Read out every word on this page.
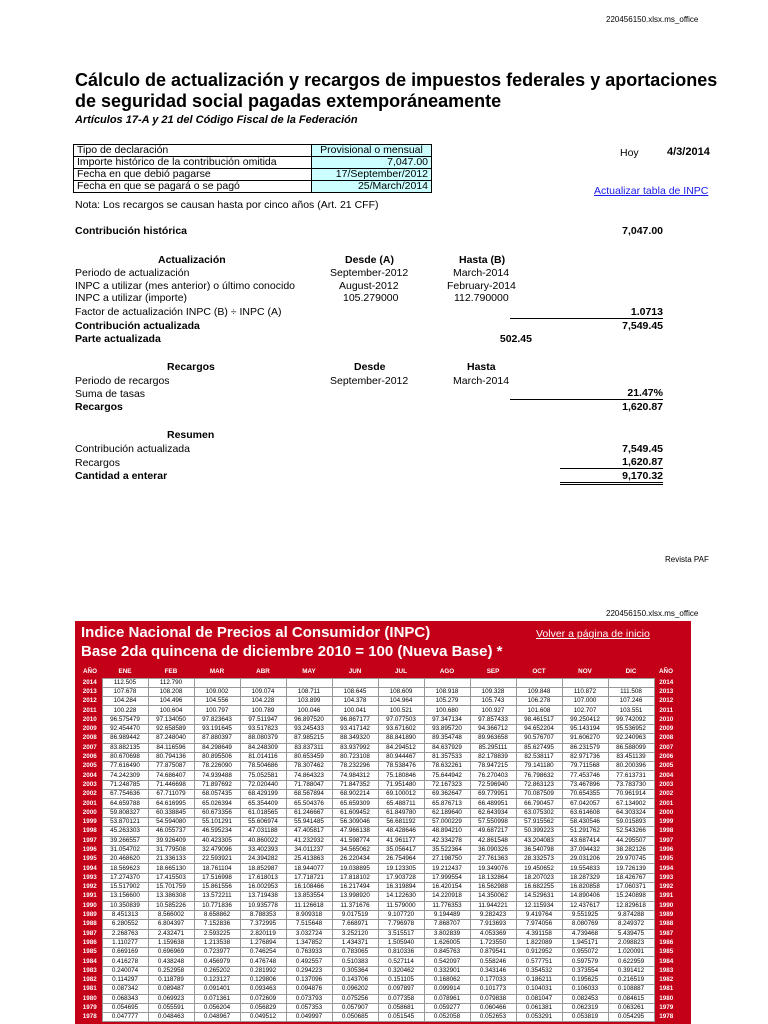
220456150.xlsx.ms_office
Cálculo de actualización y recargos de impuestos federales y aportaciones de seguridad social pagadas extemporáneamente
Artículos 17-A y 21 del Código Fiscal de la Federación
Tipo de declaración	Provisional o mensual
Importe histórico de la contribución omitida	7,047.00
Fecha en que debió pagarse	17/September/2012
Fecha en que se pagará o se pagó	25/March/2014
Hoy	4/3/2014
Actualizar tabla de INPC
Nota: Los recargos se causan hasta por cinco años (Art. 21 CFF)
Contribución histórica	7,047.00
Actualización	Desde (A)	Hasta (B)
Periodo de actualización	September-2012	March-2014
INPC a utilizar (mes anterior) o último conocido	August-2012	February-2014
INPC a utilizar (importe)	105.279000	112.790000
Factor de actualización INPC (B) ÷ INPC (A)	1.0713
Contribución actualizada	7,549.45
Parte actualizada	502.45
Recargos	Desde	Hasta
Periodo de recargos	September-2012	March-2014
Suma de tasas	21.47%
Recargos	1,620.87
Resumen
Contribución actualizada	7,549.45
Recargos	1,620.87
Cantidad a enterar	9,170.32
Revista PAF
220456150.xlsx.ms_office
Indice Nacional de Precios al Consumidor (INPC)
Base 2da quincena de diciembre 2010 = 100 (Nueva Base) *
Volver a página de inicio
AÑO	ENE	FEB	MAR	ABR	MAY	JUN	JUL	AGO	SEP	OCT	NOV	DIC	AÑO
2014	112.505	112.790											2014
2013	107.678	108.208	109.002	109.074	108.711	108.645	108.609	108.918	109.328	109.848	110.872	111.508	2013
2012	104.284	104.496	104.556	104.228	103.899	104.378	104.964	105.279	105.743	106.278	107.000	107.246	2012
2011	100.228	100.604	100.797	100.789	100.046	100.041	100.521	100.680	100.927	101.608	102.707	103.551	2011
2010	96.575479	97.134050	97.823643	97.511947	96.897520	96.867177	97.077503	97.347134	97.857433	98.461517	99.250412	99.742092	2010
2009	92.454470	92.658589	93.191645	93.517823	93.245433	93.417142	93.671602	93.895720	94.366712	94.652204	95.143194	95.536952	2009
2008	86.989442	87.248040	87.880397	88.080379	87.985215	88.349320	88.841890	89.354748	89.963658	90.576707	91.606270	92.240963	2008
2007	83.882135	84.116596	84.298649	84.248309	83.837311	83.937992	84.294512	84.637929	85.295111	85.627495	86.231579	86.588099	2007
2006	80.670698	80.794136	80.895506	81.014116	80.653459	80.723108	80.944467	81.357533	82.178839	82.538117	82.971736	83.451139	2006
2005	77.616490	77.875087	78.226090	78.504686	78.307462	78.232296	78.538476	78.632261	78.947215	79.141180	79.711568	80.200396	2005
2004	74.242309	74.686407	74.939488	75.052581	74.864323	74.984312	75.180846	75.644942	76.270403	76.798632	77.453746	77.613731	2004
2003	71.248785	71.446698	71.897692	72.020440	71.788047	71.847352	71.951480	72.167323	72.596940	72.863123	73.467896	73.783730	2003
2002	67.754636	67.711079	68.057435	68.429199	68.567894	68.902214	69.100012	69.362647	69.779951	70.087509	70.654355	70.961914	2002
2001	64.659788	64.616995	65.026394	65.354409	65.504376	65.659309	65.488711	65.876713	66.489951	66.790457	67.042057	67.134902	2001
2000	59.808327	60.338845	60.673356	61.018565	61.246667	61.609452	61.849780	62.189640	62.643934	63.075302	63.614608	64.303324	2000
1999	53.870121	54.594080	55.101291	55.606974	55.941485	56.309046	56.681192	57.000229	57.550998	57.915562	58.430546	59.015893	1999
1998	45.263303	46.055737	46.595234	47.031188	47.405817	47.966138	48.428646	48.894210	49.687217	50.399223	51.291762	52.543266	1998
1997	39.266557	39.926409	40.423305	40.860022	41.232932	41.598774	41.961177	42.334278	42.861548	43.204083	43.687414	44.295507	1997
1996	31.054702	31.779508	32.479096	33.402393	34.011237	34.565062	35.056417	35.522364	36.090326	36.540798	37.094432	38.282126	1996
1995	20.468620	21.336133	22.593921	24.394282	25.413863	26.220434	26.754964	27.198750	27.761363	28.332573	29.031206	29.970745	1995
1994	18.569623	18.665130	18.761104	18.852987	18.944077	19.038895	19.123305	19.212437	19.349076	19.450652	19.554833	19.726139	1994
1993	17.274370	17.415503	17.516998	17.618013	17.718721	17.818102	17.903728	17.999554	18.132864	18.207023	18.287329	18.426767	1993
1992	15.517902	15.701759	15.861556	16.002953	16.108466	16.217494	16.319894	16.420154	16.562988	16.682255	16.820858	17.060371	1992
1991	13.156600	13.386308	13.572211	13.719438	13.853554	13.998920	14.122630	14.220918	14.350062	14.529631	14.890406	15.240898	1991
1990	10.350839	10.585226	10.771836	10.935778	11.126618	11.371676	11.579000	11.776353	11.944221	12.115934	12.437617	12.829618	1990
1989	8.451313	8.566002	8.658862	8.788353	8.909318	9.017519	9.107720	9.194489	9.282423	9.419764	9.551925	9.874288	1989
1988	6.280552	6.804397	7.152836	7.372995	7.515648	7.668971	7.796978	7.868707	7.913693	7.974056	8.080769	8.249372	1988
1987	2.268763	2.432471	2.593225	2.820119	3.032724	3.252120	3.515517	3.802839	4.053369	4.391158	4.739468	5.439475	1987
1986	1.110277	1.159638	1.213538	1.276894	1.347852	1.434371	1.505940	1.626005	1.723550	1.822089	1.945171	2.098823	1986
1985	0.669169	0.696969	0.723977	0.746254	0.763933	0.783065	0.810336	0.845763	0.879541	0.912952	0.955072	1.020091	1985
1984	0.416278	0.438248	0.456979	0.476748	0.492557	0.510383	0.527114	0.542097	0.558246	0.577751	0.597579	0.622959	1984
1983	0.240074	0.252958	0.265202	0.281992	0.294223	0.305364	0.320462	0.332901	0.343146	0.354532	0.373554	0.391412	1983
1982	0.114297	0.118789	0.123127	0.129806	0.137096	0.143706	0.151105	0.168062	0.177033	0.186211	0.195625	0.216519	1982
1981	0.087342	0.089487	0.091401	0.093463	0.094876	0.096202	0.097897	0.099914	0.101773	0.104031	0.106033	0.108887	1981
1980	0.068343	0.069923	0.071361	0.072609	0.073793	0.075256	0.077358	0.078961	0.079838	0.081047	0.082453	0.084615	1980
1979	0.054695	0.055591	0.056204	0.056829	0.057353	0.057907	0.058681	0.059277	0.060466	0.061381	0.062319	0.063261	1979
1978	0.047777	0.048463	0.048967	0.049512	0.049997	0.050685	0.051545	0.052058	0.052653	0.053291	0.053819	0.054295	1978
